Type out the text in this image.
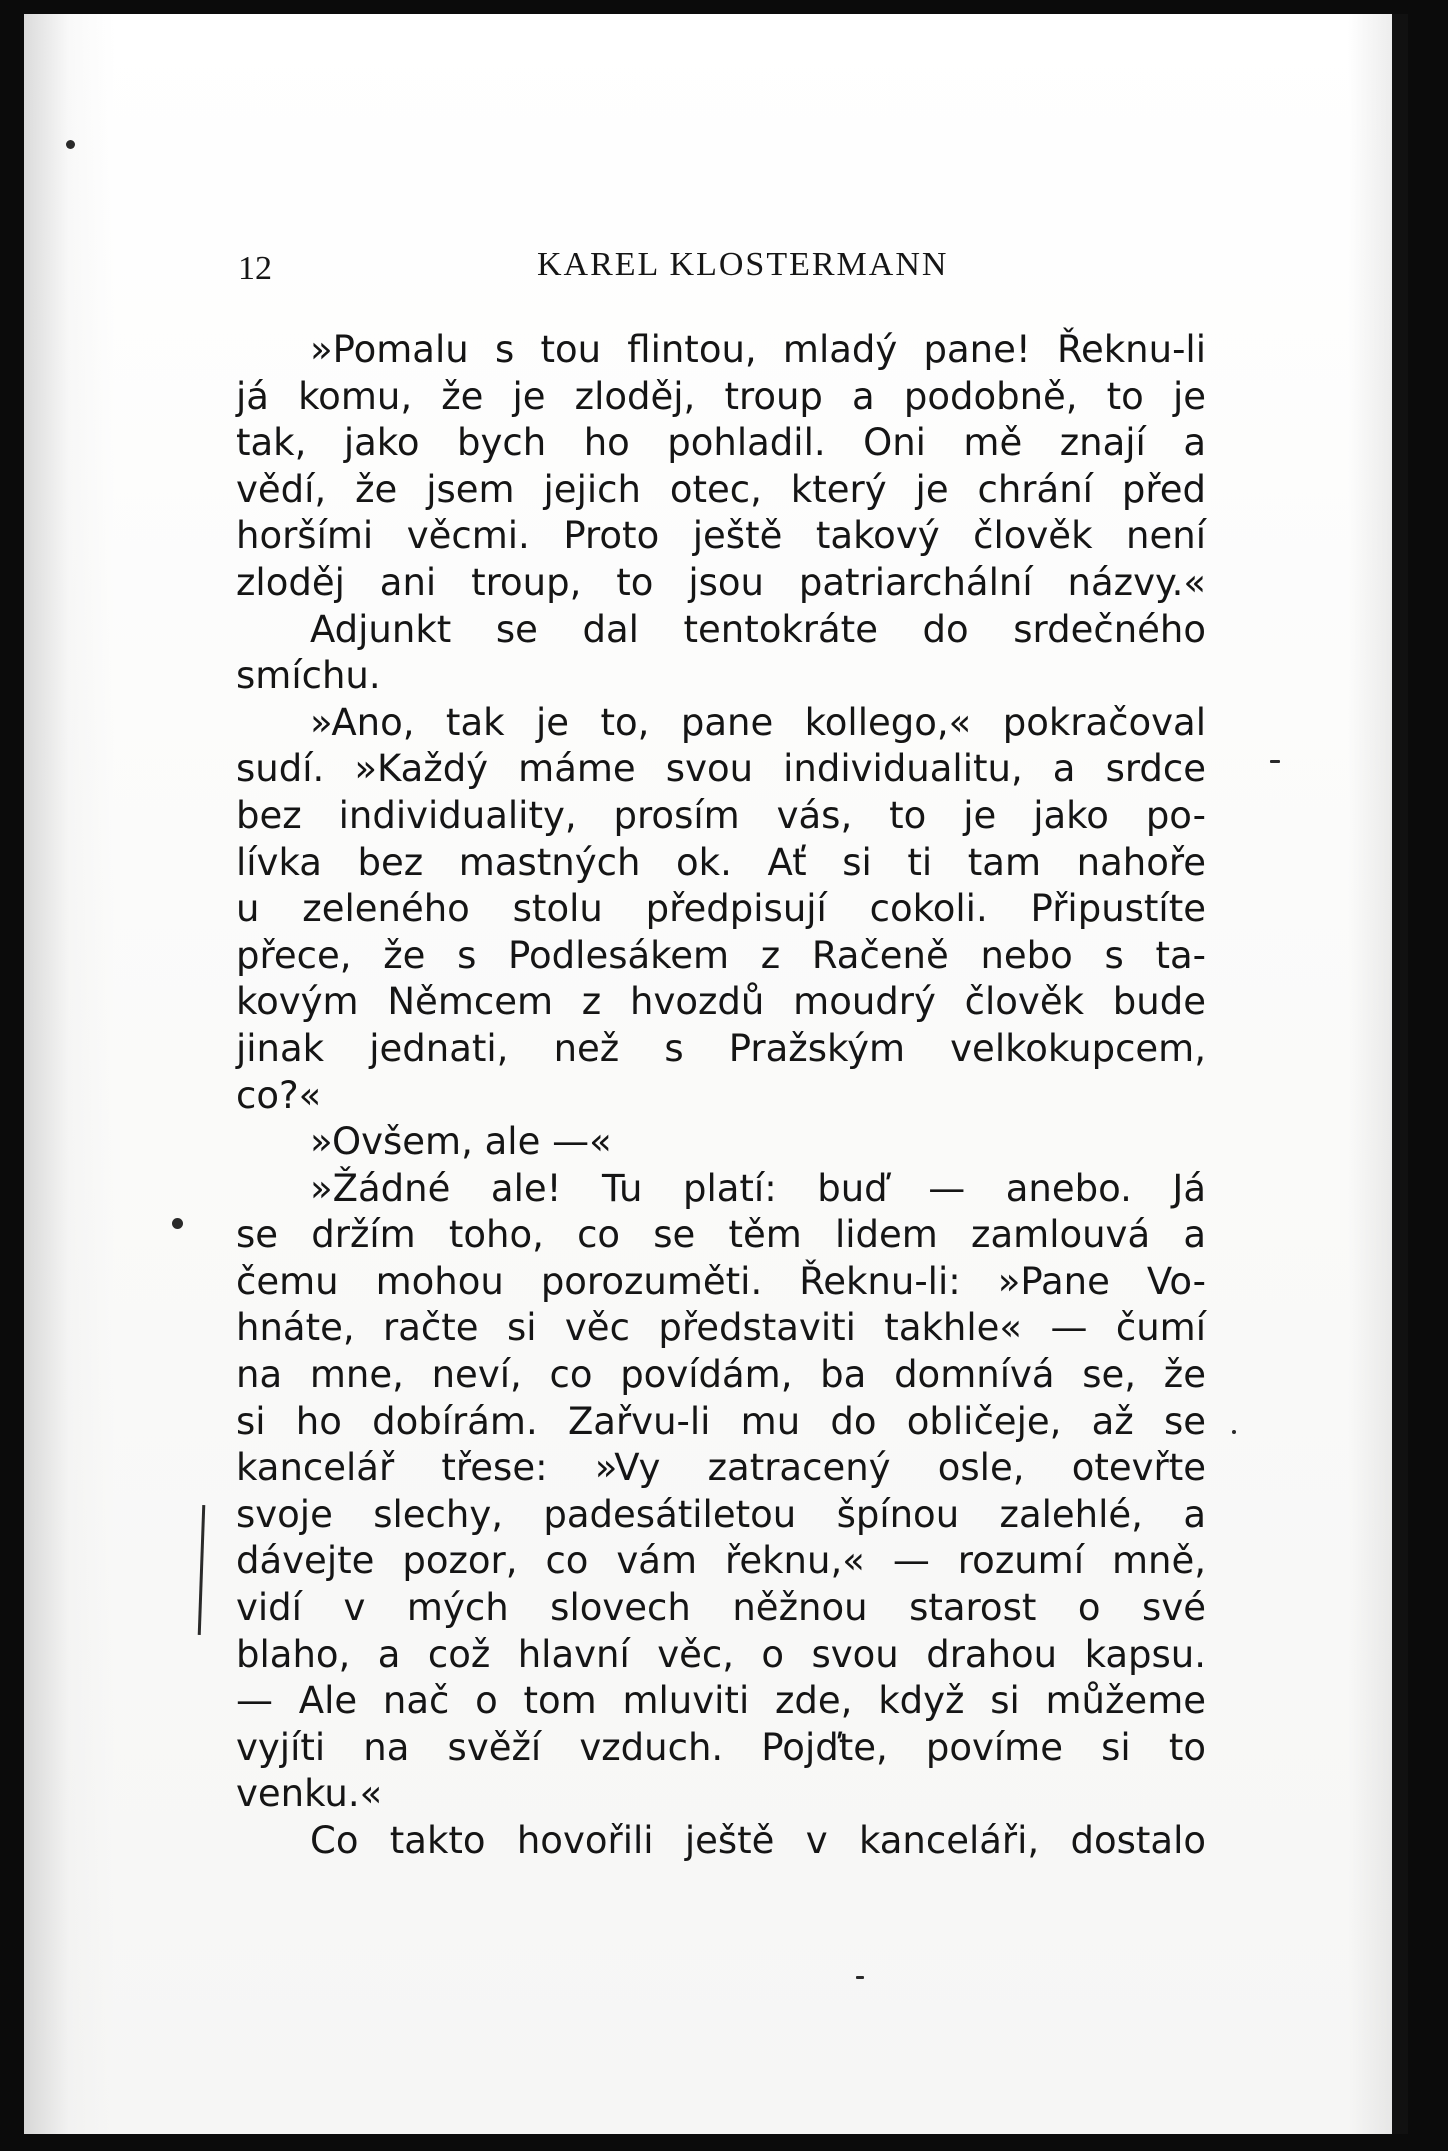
12	KAREL KLOSTERMANN
»Pomalu s tou flintou, mladý pane! Řeknu-li
já komu, že je zloděj, troup a podobně, to je
tak, jako bych ho pohladil. Oni mě znají a
vědí, že jsem jejich otec, který je chrání před
horšími věcmi. Proto ještě takový člověk není
zloděj ani troup, to jsou patriarchální názvy.«
Adjunkt se dal tentokráte do srdečného
smíchu.
»Ano, tak je to, pane kollego,« pokračoval
sudí. »Každý máme svou individualitu, a srdce
bez individuality, prosím vás, to je jako po-
lívka bez mastných ok. Ať si ti tam nahoře
u zeleného stolu předpisují cokoli. Připustíte
přece, že s Podlesákem z Račeně nebo s ta-
kovým Němcem z hvozdů moudrý člověk bude
jinak jednati, než s Pražským velkokupcem,
co?«
»Ovšem, ale —«
»Žádné ale! Tu platí: buď — anebo. Já
se držím toho, co se těm lidem zamlouvá a
čemu mohou porozuměti. Řeknu-li: »Pane Vo-
hnáte, račte si věc představiti takhle« — čumí
na mne, neví, co povídám, ba domnívá se, že
si ho dobírám. Zařvu-li mu do obličeje, až se
kancelář třese: »Vy zatracený osle, otevřte
svoje slechy, padesátiletou špínou zalehlé, a
dávejte pozor, co vám řeknu,« — rozumí mně,
vidí v mých slovech něžnou starost o své
blaho, a což hlavní věc, o svou drahou kapsu.
— Ale nač o tom mluviti zde, když si můžeme
vyjíti na svěží vzduch. Pojďte, povíme si to
venku.«
Co takto hovořili ještě v kanceláři, dostalo
